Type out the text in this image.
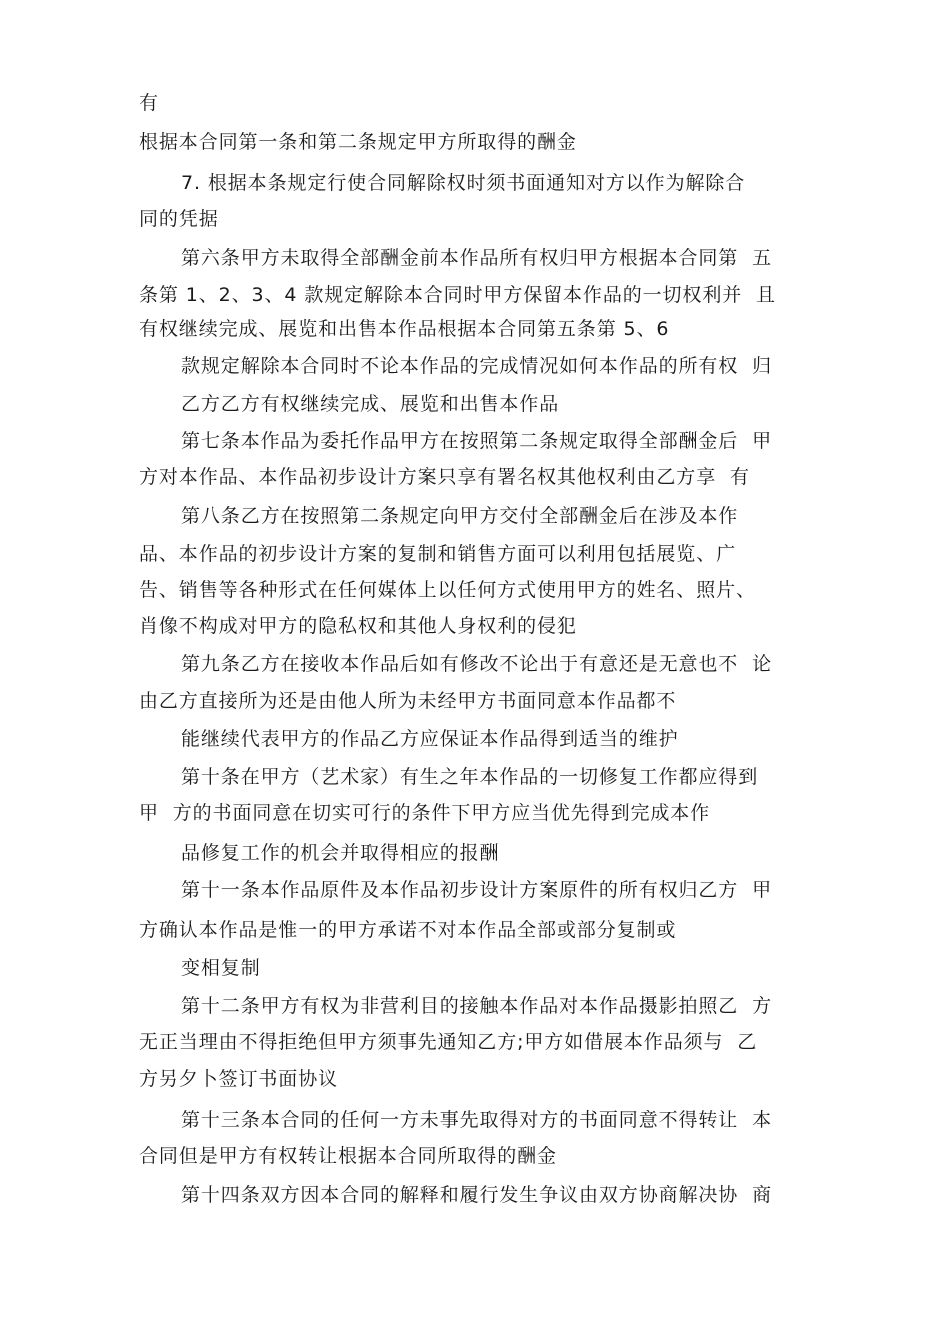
有

根据本合同第一条和第二条规定甲方所取得的酬金

7. 根据本条规定行使合同解除权时须书面通知对方以作为解除合

同的凭据

第六条甲方未取得全部酬金前本作品所有权归甲方根据本合同第  五

条第 1、2、3、4 款规定解除本合同时甲方保留本作品的一切权利并  且

有权继续完成、展览和出售本作品根据本合同第五条第 5、6

款规定解除本合同时不论本作品的完成情况如何本作品的所有权  归

乙方乙方有权继续完成、展览和出售本作品

第七条本作品为委托作品甲方在按照第二条规定取得全部酬金后  甲

方对本作品、本作品初步设计方案只享有署名权其他权利由乙方享  有

第八条乙方在按照第二条规定向甲方交付全部酬金后在涉及本作

品、本作品的初步设计方案的复制和销售方面可以利用包括展览、广

告、销售等各种形式在任何媒体上以任何方式使用甲方的姓名、照片、

肖像不构成对甲方的隐私权和其他人身权利的侵犯

第九条乙方在接收本作品后如有修改不论出于有意还是无意也不  论

由乙方直接所为还是由他人所为未经甲方书面同意本作品都不

能继续代表甲方的作品乙方应保证本作品得到适当的维护

第十条在甲方（艺术家）有生之年本作品的一切修复工作都应得到

甲  方的书面同意在切实可行的条件下甲方应当优先得到完成本作

品修复工作的机会并取得相应的报酬

第十一条本作品原件及本作品初步设计方案原件的所有权归乙方  甲

方确认本作品是惟一的甲方承诺不对本作品全部或部分复制或

变相复制

第十二条甲方有权为非营利目的接触本作品对本作品摄影拍照乙  方

无正当理由不得拒绝但甲方须事先通知乙方;甲方如借展本作品须与  乙

方另夕卜签订书面协议

第十三条本合同的任何一方未事先取得对方的书面同意不得转让  本

合同但是甲方有权转让根据本合同所取得的酬金

第十四条双方因本合同的解释和履行发生争议由双方协商解决协  商
